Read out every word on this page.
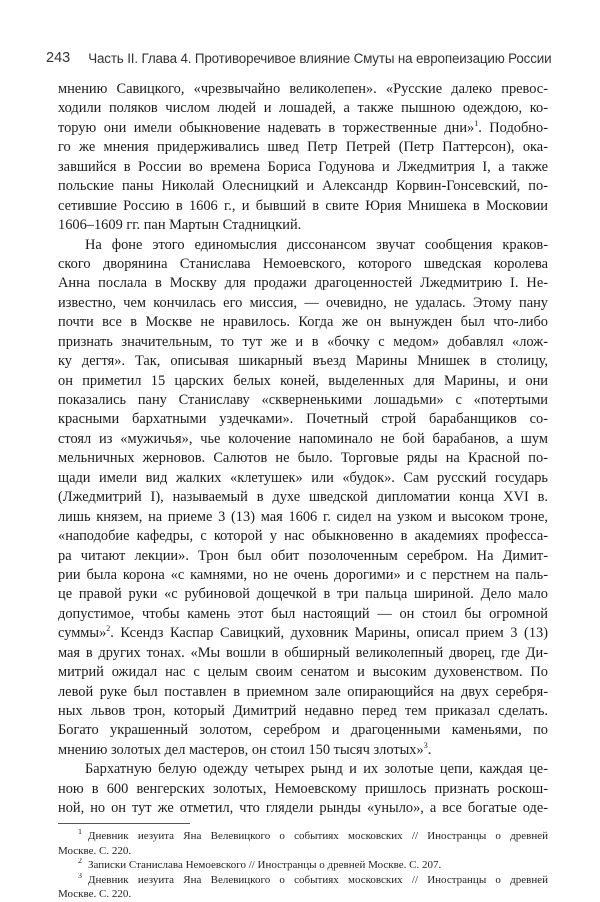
243 Часть II. Глава 4. Противоречивое влияние Смуты на европеизацию России
мнению Савицкого, «чрезвычайно великолепен». «Русские далеко превос-
ходили поляков числом людей и лошадей, а также пышною одеждою, ко-
торую они имели обыкновение надевать в торжественные дни»$^1$. Подобно-
го же мнения придерживались швед Петр Петрей (Петр Паттерсон), ока-
завшийся в России во времена Бориса Годунова и Лжедмитрия I, а также
польские паны Николай Олесницкий и Александр Корвин-Гонсевский, по-
сетившие Россию в 1606 г., и бывший в свите Юрия Мнишека в Московии
1606–1609 гг. пан Мартын Стадницкий.
На фоне этого единомыслия диссонансом звучат сообщения краков-
ского дворянина Станислава Немоевского, которого шведская королева
Анна послала в Москву для продажи драгоценностей Лжедмитрию I. Не-
известно, чем кончилась его миссия, — очевидно, не удалась. Этому пану
почти все в Москве не нравилось. Когда же он вынужден был что-либо
признать значительным, то тут же и в «бочку с медом» добавлял «лож-
ку дегтя». Так, описывая шикарный въезд Марины Мнишек в столицу,
он приметил 15 царских белых коней, выделенных для Марины, и они
показались пану Станиславу «скверненькими лошадьми» с «потертыми
красными бархатными уздечками». Почетный строй барабанщиков со-
стоял из «мужичья», чье колочение напоминало не бой барабанов, а шум
мельничных жерновов. Салютов не было. Торговые ряды на Красной по-
щади имели вид жалких «клетушек» или «будок». Сам русский государь
(Лжедмитрий I), называемый в духе шведской дипломатии конца XVI в.
лишь князем, на приеме 3 (13) мая 1606 г. сидел на узком и высоком троне,
«наподобие кафедры, с которой у нас обыкновенно в академиях професса-
ра читают лекции». Трон был обит позолоченным серебром. На Димит-
рии была корона «с камнями, но не очень дорогими» и с перстнем на паль-
це правой руки «с рубиновой дощечкой в три пальца шириной. Дело мало
допустимое, чтобы камень этот был настоящий — он стоил бы огромной
суммы»$^2$. Ксендз Каспар Савицкий, духовник Марины, описал прием 3 (13)
мая в других тонах. «Мы вошли в обширный великолепный дворец, где Ди-
митрий ожидал нас с целым своим сенатом и высоким духовенством. По
левой руке был поставлен в приемном зале опирающийся на двух серебря-
ных львов трон, который Димитрий недавно перед тем приказал сделать.
Богато украшенный золотом, серебром и драгоценными каменьями, по
мнению золотых дел мастеров, он стоил 150 тысяч злотых»$^3$.
Бархатную белую одежду четырех рынд и их золотые цепи, каждая це-
ною в 600 венгерских золотых, Немоевскому пришлось признать роскош-
ной, но он тут же отметил, что глядели рынды «уныло», а все богатые оде-
$^1$ Дневник иезуита Яна Велевицкого о событиях московских // Иностранцы о древней
Москве. С. 220.
$^2$ Записки Станислава Немоевского // Иностранцы о древней Москве. С. 207.
$^3$ Дневник иезуита Яна Велевицкого о событиях московских // Иностранцы о древней
Москве. С. 220.
